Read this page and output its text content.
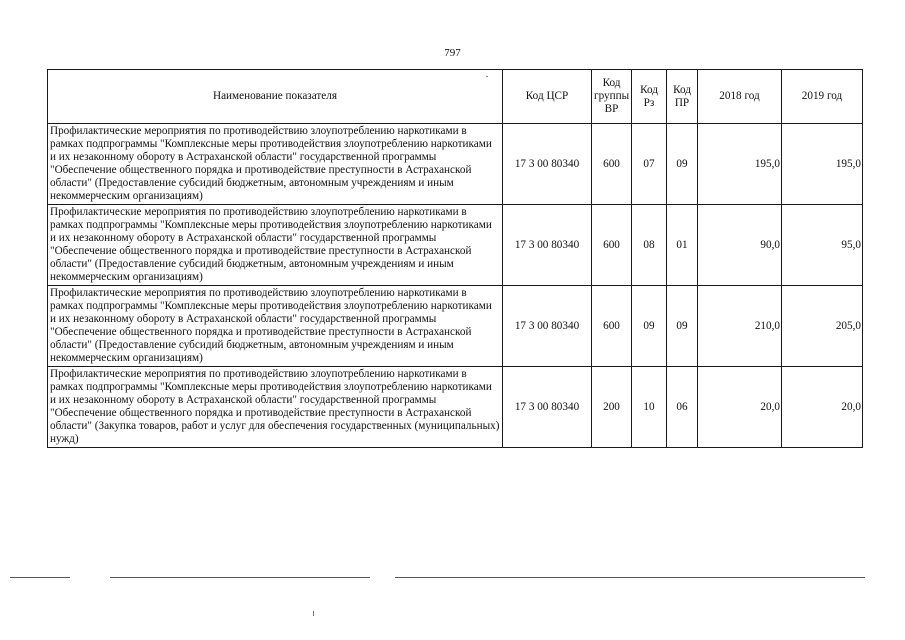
797
Наименование показателя	Код ЦСР	Код группы ВР	Код Рз	Код ПР	2018 год	2019 год
Профилактические мероприятия по противодействию злоупотреблению наркотиками в рамках подпрограммы "Комплексные меры противодействия злоупотреблению наркотиками и их незаконному обороту в Астраханской области" государственной программы "Обеспечение общественного порядка и противодействие преступности в Астраханской области" (Предоставление субсидий бюджетным, автономным учреждениям и иным некоммерческим организациям)	17 3 00 80340	600	07	09	195,0	195,0
Профилактические мероприятия по противодействию злоупотреблению наркотиками в рамках подпрограммы "Комплексные меры противодействия злоупотреблению наркотиками и их незаконному обороту в Астраханской области" государственной программы "Обеспечение общественного порядка и противодействие преступности в Астраханской области" (Предоставление субсидий бюджетным, автономным учреждениям и иным некоммерческим организациям)	17 3 00 80340	600	08	01	90,0	95,0
Профилактические мероприятия по противодействию злоупотреблению наркотиками в рамках подпрограммы "Комплексные меры противодействия злоупотреблению наркотиками и их незаконному обороту в Астраханской области" государственной программы "Обеспечение общественного порядка и противодействие преступности в Астраханской области" (Предоставление субсидий бюджетным, автономным учреждениям и иным некоммерческим организациям)	17 3 00 80340	600	09	09	210,0	205,0
Профилактические мероприятия по противодействию злоупотреблению наркотиками в рамках подпрограммы "Комплексные меры противодействия злоупотреблению наркотиками и их незаконному обороту в Астраханской области" государственной программы "Обеспечение общественного порядка и противодействие преступности в Астраханской области" (Закупка товаров, работ и услуг для обеспечения государственных (муниципальных) нужд)	17 3 00 80340	200	10	06	20,0	20,0
